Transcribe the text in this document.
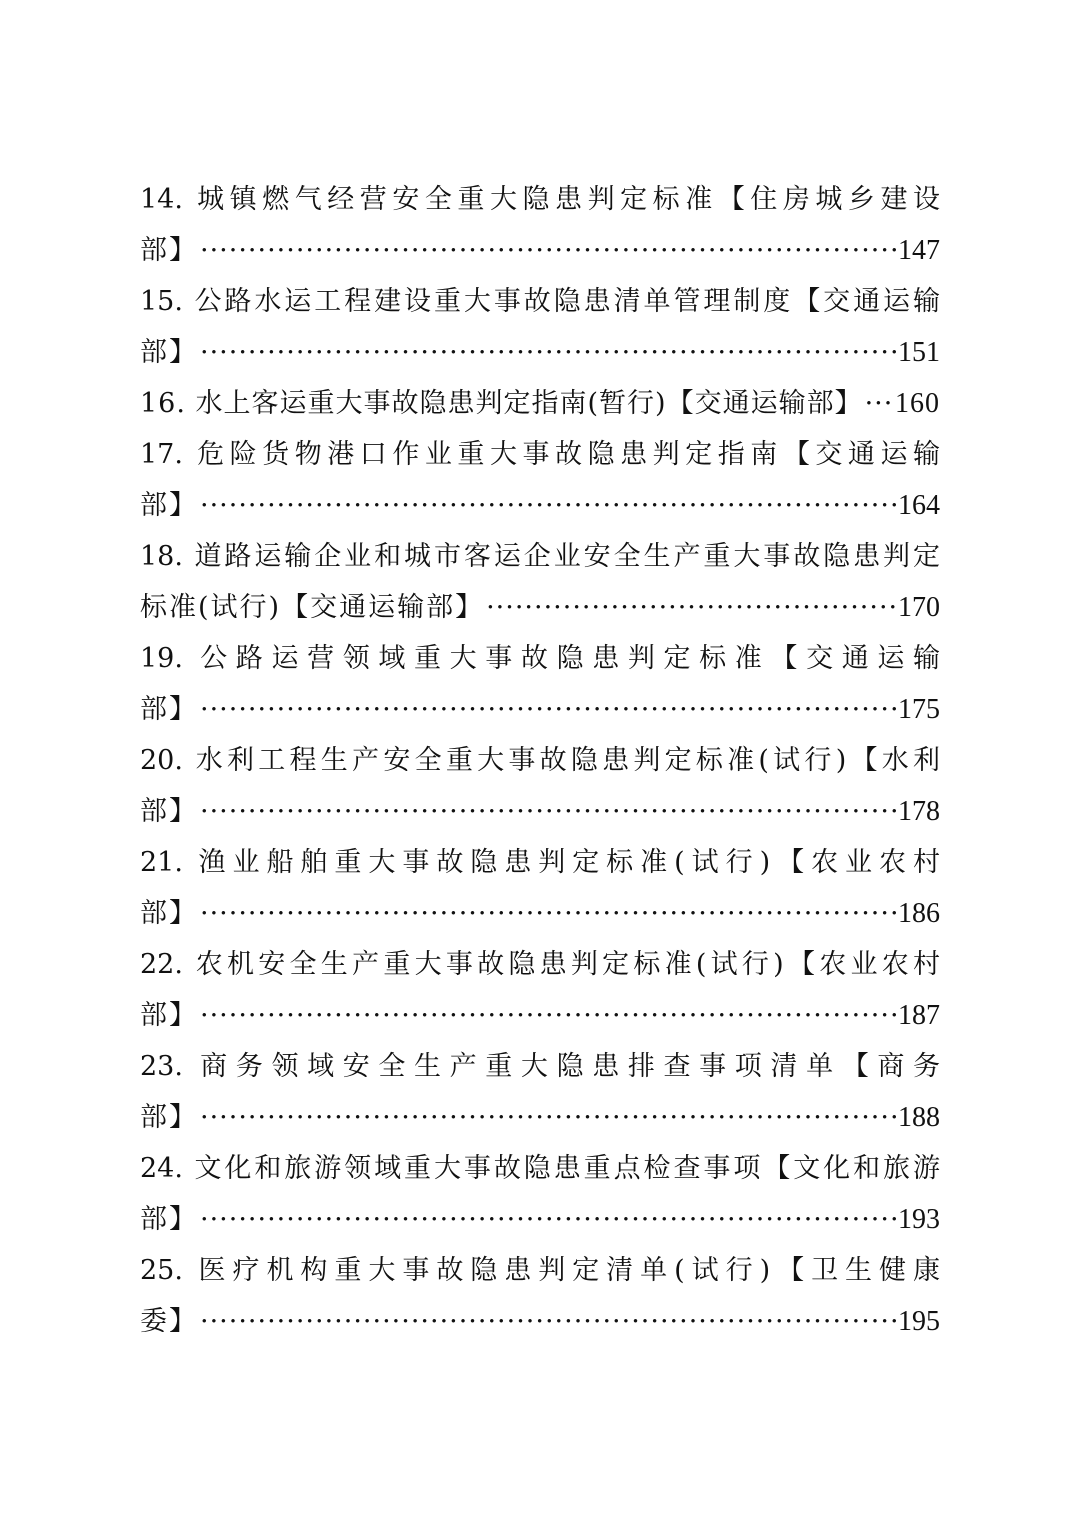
14. 城镇燃气经营安全重大隐患判定标准【住房城乡建设
部】 ·····	147
15. 公路水运工程建设重大事故隐患清单管理制度【交通运输
部】 ·····	151
16. 水上客运重大事故隐患判定指南(暂行)【交通运输部】 ····· 160
17. 危险货物港口作业重大事故隐患判定指南【交通运输
部】 ·····	164
18. 道路运输企业和城市客运企业安全生产重大事故隐患判定
标准(试行)【交通运输部】 ·····	170
19. 公路运营领域重大事故隐患判定标准【交通运输
部】 ·····	175
20. 水利工程生产安全重大事故隐患判定标准(试行)【水利
部】 ·····	178
21. 渔业船舶重大事故隐患判定标准(试行)【农业农村
部】 ·····	186
22. 农机安全生产重大事故隐患判定标准(试行)【农业农村
部】 ·····	187
23. 商务领域安全生产重大隐患排查事项清单【商务
部】 ·····	188
24. 文化和旅游领域重大事故隐患重点检查事项【文化和旅游
部】 ·····	193
25. 医疗机构重大事故隐患判定清单(试行)【卫生健康
委】 ·····	195
